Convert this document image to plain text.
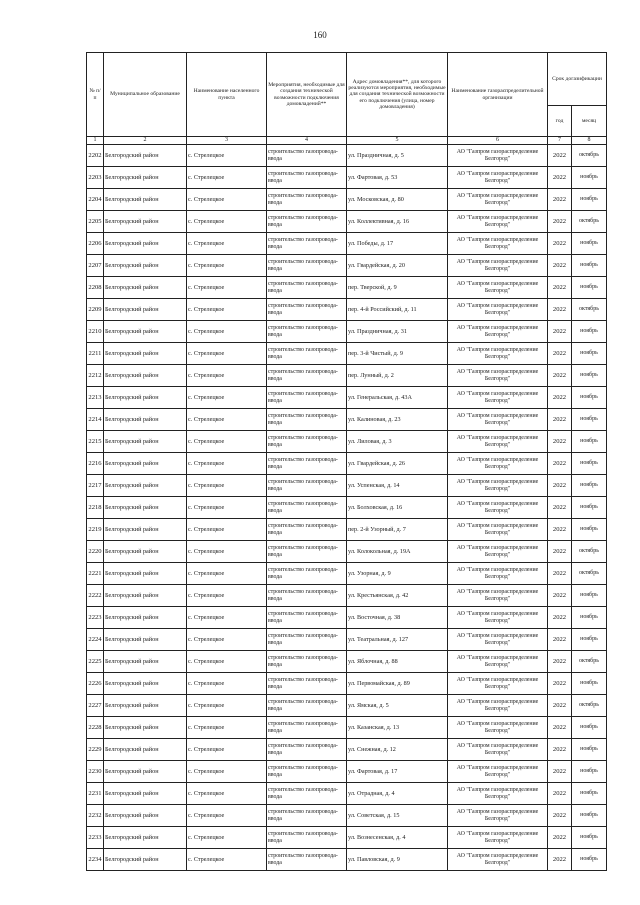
160
№ п/п	Муниципальное образование	Наименование населенного пункта	Мероприятия, необходимые для создания технической возможности подключения домовладений**	Адрес домовладения**, для которого реализуются мероприятия, необходимые для создания технической возможности его подключения (улица, номер домовладения)	Наименование газораспределительной организации	Срок догазификации	
						год	месяц
1	2	3	4	5	6	7	8
2202	Белгородский район	с. Стрелецкое	строительство газопровода-ввода	ул. Праздничная, д. 5	АО "Газпром газораспределение Белгород"	2022	октябрь
2203	Белгородский район	с. Стрелецкое	строительство газопровода-ввода	ул. Фартовая, д. 53	АО "Газпром газораспределение Белгород"	2022	ноябрь
2204	Белгородский район	с. Стрелецкое	строительство газопровода-ввода	ул. Московская, д. 80	АО "Газпром газораспределение Белгород"	2022	ноябрь
2205	Белгородский район	с. Стрелецкое	строительство газопровода-ввода	ул. Коллективная, д. 16	АО "Газпром газораспределение Белгород"	2022	октябрь
2206	Белгородский район	с. Стрелецкое	строительство газопровода-ввода	ул. Победы, д. 17	АО "Газпром газораспределение Белгород"	2022	ноябрь
2207	Белгородский район	с. Стрелецкое	строительство газопровода-ввода	ул. Гвардейская, д. 20	АО "Газпром газораспределение Белгород"	2022	ноябрь
2208	Белгородский район	с. Стрелецкое	строительство газопровода-ввода	пер. Тверской, д. 9	АО "Газпром газораспределение Белгород"	2022	ноябрь
2209	Белгородский район	с. Стрелецкое	строительство газопровода-ввода	пер. 4-й Российский, д. 11	АО "Газпром газораспределение Белгород"	2022	октябрь
2210	Белгородский район	с. Стрелецкое	строительство газопровода-ввода	ул. Праздничная, д. 31	АО "Газпром газораспределение Белгород"	2022	ноябрь
2211	Белгородский район	с. Стрелецкое	строительство газопровода-ввода	пер. 3-й Чистый, д. 9	АО "Газпром газораспределение Белгород"	2022	ноябрь
2212	Белгородский район	с. Стрелецкое	строительство газопровода-ввода	пер. Лунный, д. 2	АО "Газпром газораспределение Белгород"	2022	ноябрь
2213	Белгородский район	с. Стрелецкое	строительство газопровода-ввода	ул. Генеральская, д. 43А	АО "Газпром газораспределение Белгород"	2022	ноябрь
2214	Белгородский район	с. Стрелецкое	строительство газопровода-ввода	ул. Калиновая, д. 23	АО "Газпром газораспределение Белгород"	2022	ноябрь
2215	Белгородский район	с. Стрелецкое	строительство газопровода-ввода	ул. Лиловая, д. 3	АО "Газпром газораспределение Белгород"	2022	ноябрь
2216	Белгородский район	с. Стрелецкое	строительство газопровода-ввода	ул. Гвардейская, д. 26	АО "Газпром газораспределение Белгород"	2022	ноябрь
2217	Белгородский район	с. Стрелецкое	строительство газопровода-ввода	ул. Успенская, д. 14	АО "Газпром газораспределение Белгород"	2022	ноябрь
2218	Белгородский район	с. Стрелецкое	строительство газопровода-ввода	ул. Болховская, д. 16	АО "Газпром газораспределение Белгород"	2022	ноябрь
2219	Белгородский район	с. Стрелецкое	строительство газопровода-ввода	пер. 2-й Узорный, д. 7	АО "Газпром газораспределение Белгород"	2022	ноябрь
2220	Белгородский район	с. Стрелецкое	строительство газопровода-ввода	ул. Колокольная, д. 19А	АО "Газпром газораспределение Белгород"	2022	октябрь
2221	Белгородский район	с. Стрелецкое	строительство газопровода-ввода	ул. Узорная, д. 9	АО "Газпром газораспределение Белгород"	2022	октябрь
2222	Белгородский район	с. Стрелецкое	строительство газопровода-ввода	ул. Крестьянская, д. 42	АО "Газпром газораспределение Белгород"	2022	ноябрь
2223	Белгородский район	с. Стрелецкое	строительство газопровода-ввода	ул. Восточная, д. 38	АО "Газпром газораспределение Белгород"	2022	ноябрь
2224	Белгородский район	с. Стрелецкое	строительство газопровода-ввода	ул. Театральная, д. 127	АО "Газпром газораспределение Белгород"	2022	ноябрь
2225	Белгородский район	с. Стрелецкое	строительство газопровода-ввода	ул. Яблочная, д. 88	АО "Газпром газораспределение Белгород"	2022	октябрь
2226	Белгородский район	с. Стрелецкое	строительство газопровода-ввода	ул. Первомайская, д. 89	АО "Газпром газораспределение Белгород"	2022	ноябрь
2227	Белгородский район	с. Стрелецкое	строительство газопровода-ввода	ул. Ямская, д. 5	АО "Газпром газораспределение Белгород"	2022	октябрь
2228	Белгородский район	с. Стрелецкое	строительство газопровода-ввода	ул. Казанская, д. 13	АО "Газпром газораспределение Белгород"	2022	ноябрь
2229	Белгородский район	с. Стрелецкое	строительство газопровода-ввода	ул. Снежная, д. 12	АО "Газпром газораспределение Белгород"	2022	ноябрь
2230	Белгородский район	с. Стрелецкое	строительство газопровода-ввода	ул. Фартовая, д. 17	АО "Газпром газораспределение Белгород"	2022	ноябрь
2231	Белгородский район	с. Стрелецкое	строительство газопровода-ввода	ул. Отрадная, д. 4	АО "Газпром газораспределение Белгород"	2022	ноябрь
2232	Белгородский район	с. Стрелецкое	строительство газопровода-ввода	ул. Советская, д. 15	АО "Газпром газораспределение Белгород"	2022	ноябрь
2233	Белгородский район	с. Стрелецкое	строительство газопровода-ввода	ул. Вознесенская, д. 4	АО "Газпром газораспределение Белгород"	2022	ноябрь
2234	Белгородский район	с. Стрелецкое	строительство газопровода-ввода	ул. Павловская, д. 9	АО "Газпром газораспределение Белгород"	2022	ноябрь
